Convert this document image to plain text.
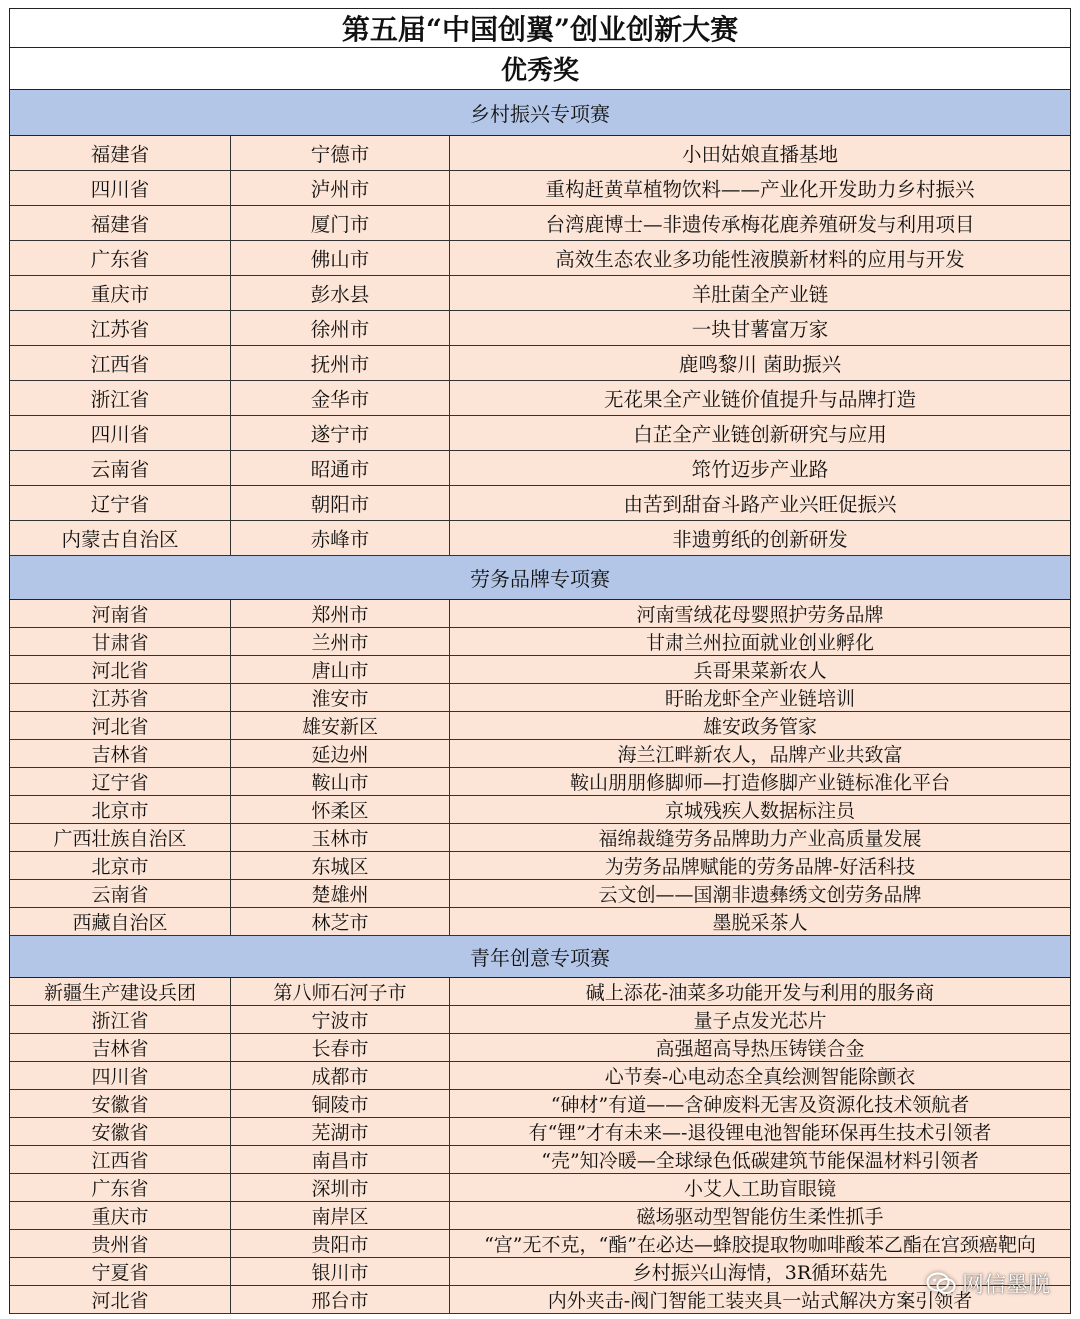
第五届“中国创翼”创业创新大赛
优秀奖
乡村振兴专项赛
福建省	宁德市	小田姑娘直播基地
四川省	泸州市	重构赶黄草植物饮料——产业化开发助力乡村振兴
福建省	厦门市	台湾鹿博士—非遗传承梅花鹿养殖研发与利用项目
广东省	佛山市	高效生态农业多功能性液膜新材料的应用与开发
重庆市	彭水县	羊肚菌全产业链
江苏省	徐州市	一块甘薯富万家
江西省	抚州市	鹿鸣黎川 菌助振兴
浙江省	金华市	无花果全产业链价值提升与品牌打造
四川省	遂宁市	白芷全产业链创新研究与应用
云南省	昭通市	筇竹迈步产业路
辽宁省	朝阳市	由苦到甜奋斗路产业兴旺促振兴
内蒙古自治区	赤峰市	非遗剪纸的创新研发
劳务品牌专项赛
河南省	郑州市	河南雪绒花母婴照护劳务品牌
甘肃省	兰州市	甘肃兰州拉面就业创业孵化
河北省	唐山市	兵哥果菜新农人
江苏省	淮安市	盱眙龙虾全产业链培训
河北省	雄安新区	雄安政务管家
吉林省	延边州	海兰江畔新农人，品牌产业共致富
辽宁省	鞍山市	鞍山朋朋修脚师—打造修脚产业链标准化平台
北京市	怀柔区	京城残疾人数据标注员
广西壮族自治区	玉林市	福绵裁缝劳务品牌助力产业高质量发展
北京市	东城区	为劳务品牌赋能的劳务品牌-好活科技
云南省	楚雄州	云文创——国潮非遗彝绣文创劳务品牌
西藏自治区	林芝市	墨脱采茶人
青年创意专项赛
新疆生产建设兵团	第八师石河子市	碱上添花-油菜多功能开发与利用的服务商
浙江省	宁波市	量子点发光芯片
吉林省	长春市	高强超高导热压铸镁合金
四川省	成都市	心节奏-心电动态全真绘测智能除颤衣
安徽省	铜陵市	“砷材”有道——含砷废料无害及资源化技术领航者
安徽省	芜湖市	有“锂”才有未来—-退役锂电池智能环保再生技术引领者
江西省	南昌市	“壳”知冷暖—全球绿色低碳建筑节能保温材料引领者
广东省	深圳市	小艾人工助盲眼镜
重庆市	南岸区	磁场驱动型智能仿生柔性抓手
贵州省	贵阳市	“宫”无不克，“酯”在必达—蜂胶提取物咖啡酸苯乙酯在宫颈癌靶向
宁夏省	银川市	乡村振兴山海情，3R循环菇先
河北省	邢台市	内外夹击-阀门智能工装夹具一站式解决方案引领者
网信墨脱
